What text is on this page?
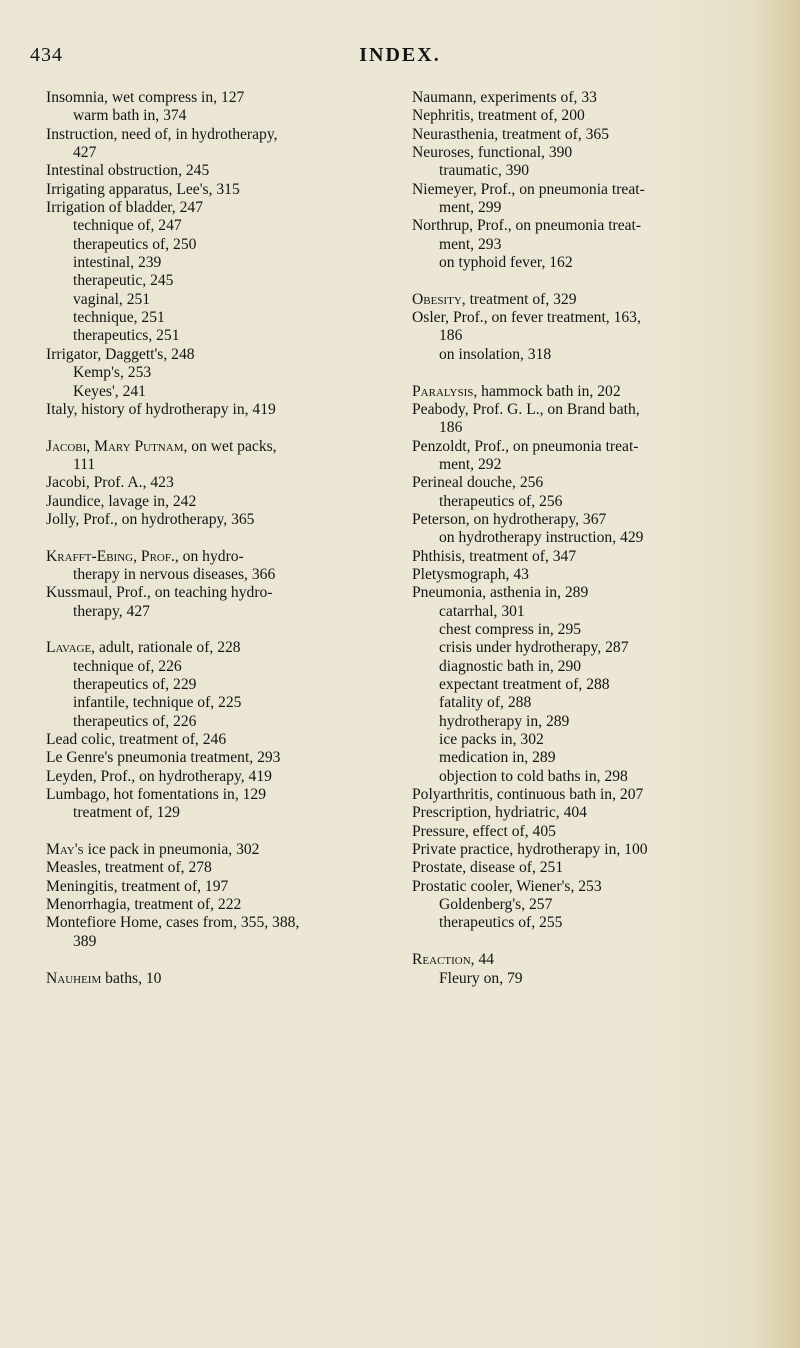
434	INDEX.
Insomnia, wet compress in, 127
warm bath in, 374
Instruction, need of, in hydrotherapy,
427
Intestinal obstruction, 245
Irrigating apparatus, Lee's, 315
Irrigation of bladder, 247
technique of, 247
therapeutics of, 250
intestinal, 239
therapeutic, 245
vaginal, 251
technique, 251
therapeutics, 251
Irrigator, Daggett's, 248
Kemp's, 253
Keyes', 241
Italy, history of hydrotherapy in, 419
Jacobi, Mary Putnam, on wet packs,
111
Jacobi, Prof. A., 423
Jaundice, lavage in, 242
Jolly, Prof., on hydrotherapy, 365
Krafft-Ebing, Prof., on hydro-
therapy in nervous diseases, 366
Kussmaul, Prof., on teaching hydro-
therapy, 427
Lavage, adult, rationale of, 228
technique of, 226
therapeutics of, 229
infantile, technique of, 225
therapeutics of, 226
Lead colic, treatment of, 246
Le Genre's pneumonia treatment, 293
Leyden, Prof., on hydrotherapy, 419
Lumbago, hot fomentations in, 129
treatment of, 129
May's ice pack in pneumonia, 302
Measles, treatment of, 278
Meningitis, treatment of, 197
Menorrhagia, treatment of, 222
Montefiore Home, cases from, 355, 388,
389
Nauheim baths, 10
Naumann, experiments of, 33
Nephritis, treatment of, 200
Neurasthenia, treatment of, 365
Neuroses, functional, 390
traumatic, 390
Niemeyer, Prof., on pneumonia treat-
ment, 299
Northrup, Prof., on pneumonia treat-
ment, 293
on typhoid fever, 162
Obesity, treatment of, 329
Osler, Prof., on fever treatment, 163,
186
on insolation, 318
Paralysis, hammock bath in, 202
Peabody, Prof. G. L., on Brand bath,
186
Penzoldt, Prof., on pneumonia treat-
ment, 292
Perineal douche, 256
therapeutics of, 256
Peterson, on hydrotherapy, 367
on hydrotherapy instruction, 429
Phthisis, treatment of, 347
Pletysmograph, 43
Pneumonia, asthenia in, 289
catarrhal, 301
chest compress in, 295
crisis under hydrotherapy, 287
diagnostic bath in, 290
expectant treatment of, 288
fatality of, 288
hydrotherapy in, 289
ice packs in, 302
medication in, 289
objection to cold baths in, 298
Polyarthritis, continuous bath in, 207
Prescription, hydriatric, 404
Pressure, effect of, 405
Private practice, hydrotherapy in, 100
Prostate, disease of, 251
Prostatic cooler, Wiener's, 253
Goldenberg's, 257
therapeutics of, 255
Reaction, 44
Fleury on, 79
